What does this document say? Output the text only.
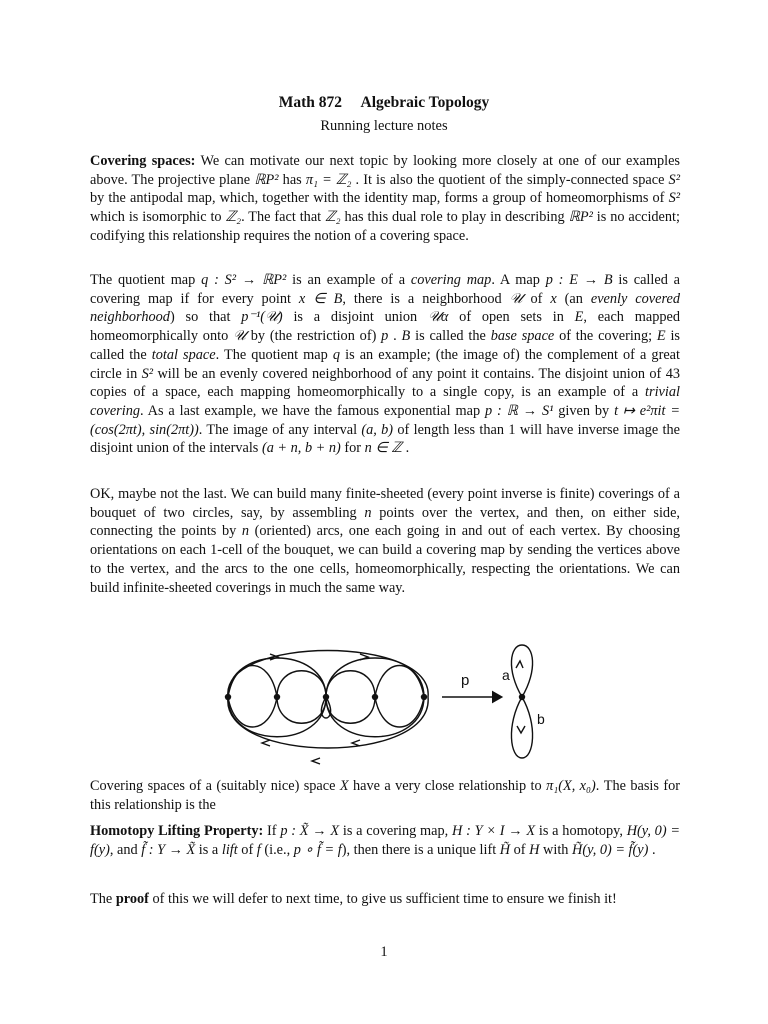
Math 872     Algebraic Topology
Running lecture notes
Covering spaces: We can motivate our next topic by looking more closely at one of our examples above. The projective plane ℝP² has π₁ = ℤ₂ . It is also the quotient of the simply-connected space S² by the antipodal map, which, together with the identity map, forms a group of homeomorphisms of S² which is isomorphic to ℤ₂. The fact that ℤ₂ has this dual role to play in describing ℝP² is no accident; codifying this relationship requires the notion of a covering space.
The quotient map q : S² → ℝP² is an example of a covering map. A map p : E → B is called a covering map if for every point x ∈ B, there is a neighborhood 𝒰 of x (an evenly covered neighborhood) so that p⁻¹(𝒰) is a disjoint union 𝒰α of open sets in E, each mapped homeomorphically onto 𝒰 by (the restriction of) p . B is called the base space of the covering; E is called the total space. The quotient map q is an example; (the image of) the complement of a great circle in S² will be an evenly covered neighborhood of any point it contains. The disjoint union of 43 copies of a space, each mapping homeomorphically to a single copy, is an example of a trivial covering. As a last example, we have the famous exponential map p : ℝ → S¹ given by t ↦ e²πit = (cos(2πt), sin(2πt)). The image of any interval (a, b) of length less than 1 will have inverse image the disjoint union of the intervals (a + n, b + n) for n ∈ ℤ .
OK, maybe not the last. We can build many finite-sheeted (every point inverse is finite) coverings of a bouquet of two circles, say, by assembling n points over the vertex, and then, on either side, connecting the points by n (oriented) arcs, one each going in and out of each vertex. By choosing orientations on each 1-cell of the bouquet, we can build a covering map by sending the vertices above to the vertex, and the arcs to the one cells, homeomorphically, respecting the orientations. We can build infinite-sheeted coverings in much the same way.
p a
b
Covering spaces of a (suitably nice) space X have a very close relationship to π₁(X, x₀). The basis for this relationship is the
Homotopy Lifting Property: If p : X̃ → X is a covering map, H : Y × I → X is a homotopy, H(y, 0) = f(y), and f̃ : Y → X̃ is a lift of f (i.e., p ∘ f̃ = f), then there is a unique lift H̃ of H with H̃(y, 0) = f̃(y) .
The proof of this we will defer to next time, to give us sufficient time to ensure we finish it!
1
